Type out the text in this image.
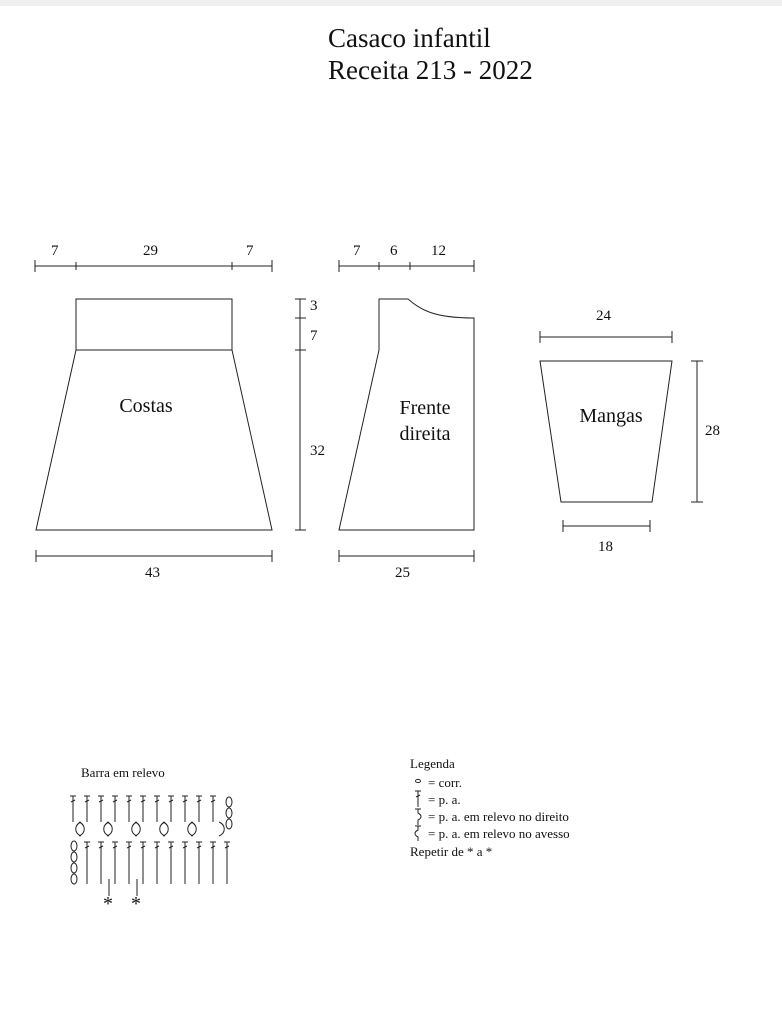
Casaco infantil
Receita 213 - 2022
7	29	7
Costas
43
3
7
32
7 6 12
Frente
direita
25
24
Mangas
18
28
Barra em relevo
* *
Legenda
= corr.
= p. a.
= p. a. em relevo no direito
= p. a. em relevo no avesso
Repetir de * a *
